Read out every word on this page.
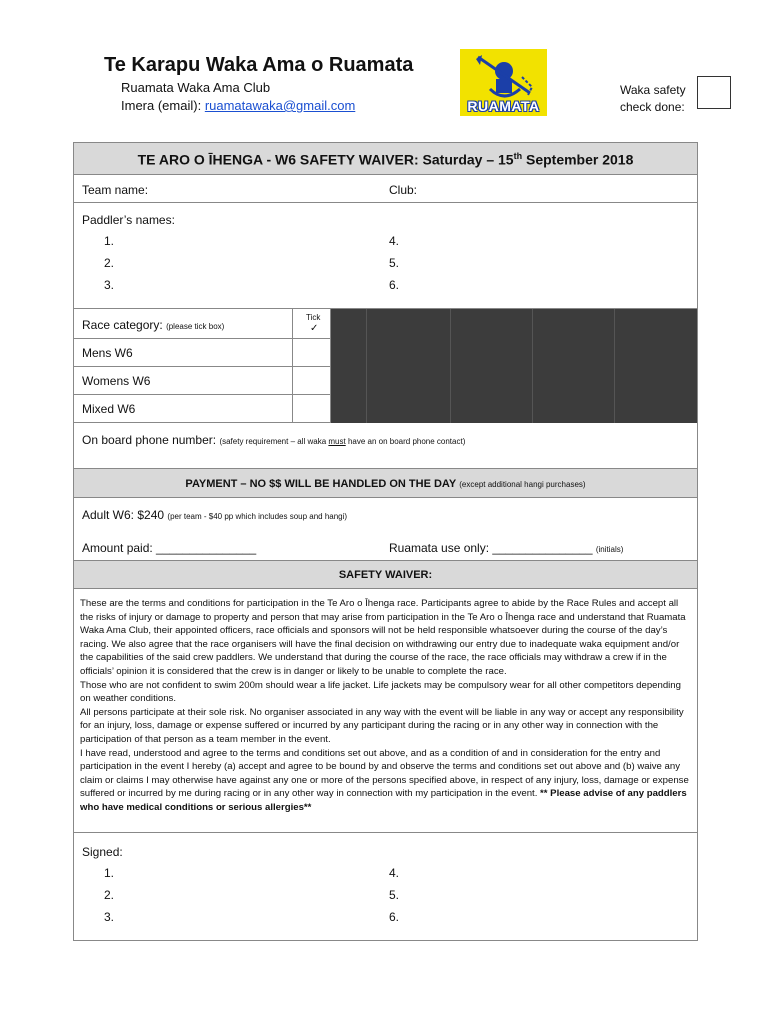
Te Karapu Waka Ama o Ruamata
Ruamata Waka Ama Club
Imera (email): ruamatawaka@gmail.com	RUAMATA
Waka safety
check done:
TE ARO O ĪHENGA - W6 SAFETY WAIVER: Saturday – 15th September 2018
Team name:	Club:
Paddler’s names:
1.
2.
3.
4.
5.
6.
Race category: (please tick box)
Tick
✓
Mens W6
Womens W6
Mixed W6
On board phone number: (safety requirement – all waka must have an on board phone contact)
PAYMENT – NO $$ WILL BE HANDLED ON THE DAY (except additional hangi purchases)
Adult W6: $240 (per team - $40 pp which includes soup and hangi)
Amount paid: _______________	Ruamata use only: _______________ (initials)
SAFETY WAIVER:

These are the terms and conditions for participation in the Te Aro o Īhenga race. Participants agree to abide by the Race Rules and accept all the risks of injury or damage to property and person that may arise from participation in the Te Aro o Īhenga race and understand that Ruamata Waka Ama Club, their appointed officers, race officials and sponsors will not be held responsible whatsoever during the course of the day’s racing. We also agree that the race organisers will have the final decision on withdrawing our entry due to inadequate waka equipment and/or the capabilities of the said crew paddlers. We understand that during the course of the race, the race officials may withdraw a crew if in the officials’ opinion it is considered that the crew is in danger or likely to be unable to complete the race.

Those who are not confident to swim 200m should wear a life jacket. Life jackets may be compulsory wear for all other competitors depending on weather conditions.

All persons participate at their sole risk. No organiser associated in any way with the event will be liable in any way or accept any responsibility for an injury, loss, damage or expense suffered or incurred by any participant during the racing or in any other way in connection with the participation of that person as a team member in the event.

I have read, understood and agree to the terms and conditions set out above, and as a condition of and in consideration for the entry and participation in the event I hereby (a) accept and agree to be bound by and observe the terms and conditions set out above and (b) waive any claim or claims I may otherwise have against any one or more of the persons specified above, in respect of any injury, loss, damage or expense suffered or incurred by me during racing or in any other way in connection with my participation in the event. ** Please advise of any paddlers who have medical conditions or serious allergies**

Signed:
1.
2.
3.
4.
5.
6.
